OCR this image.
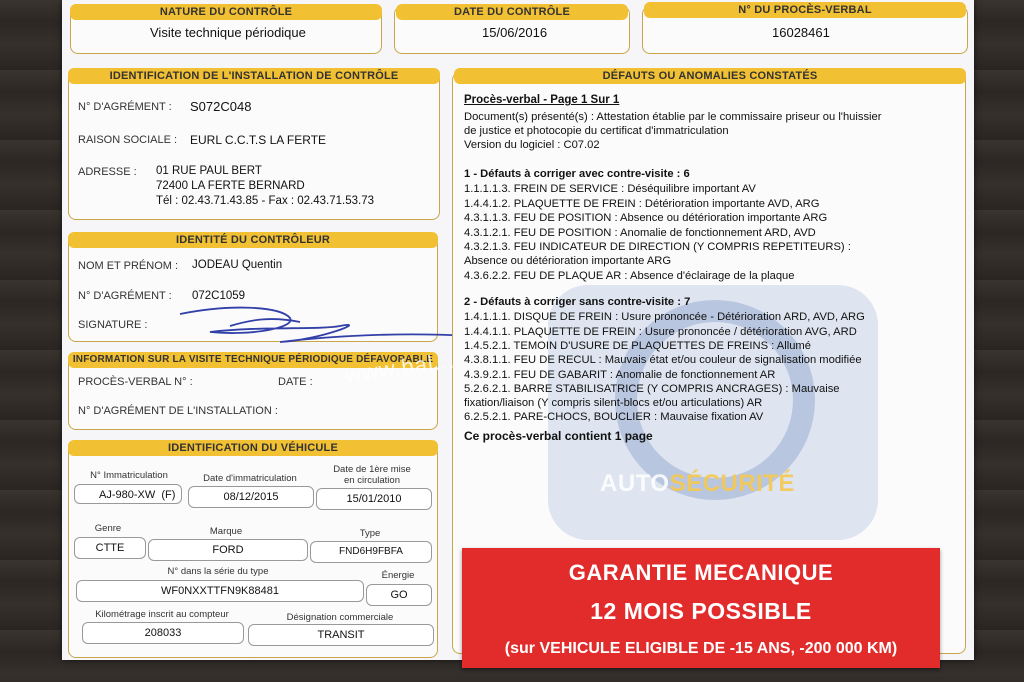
NATURE DU CONTRÔLE
Visite technique périodique
DATE DU CONTRÔLE
15/06/2016
N° DU PROCÈS-VERBAL
16028461
IDENTIFICATION DE L'INSTALLATION DE CONTRÔLE
N° D'AGRÉMENT : S072C048
RAISON SOCIALE : EURL C.C.T.S LA FERTE
ADRESSE : 01 RUE PAUL BERT
72400 LA FERTE BERNARD
Tél : 02.43.71.43.85 - Fax : 02.43.71.53.73
IDENTITÉ DU CONTRÔLEUR
NOM ET PRÉNOM : JODEAU Quentin
N° D'AGRÉMENT : 072C1059
SIGNATURE :
INFORMATION SUR LA VISITE TECHNIQUE PÉRIODIQUE DÉFAVORABLE
PROCÈS-VERBAL N° :	DATE :
N° D'AGRÉMENT DE L'INSTALLATION :
IDENTIFICATION DU VÉHICULE
N° Immatriculation
AJ-980-XW (F)
Date d'immatriculation
08/12/2015
Date de 1ère mise
en circulation
15/01/2010
Genre
CTTE
Marque
FORD
Type
FND6H9FBFA
N° dans la série du type
WF0NXXTTFN9K88481
Énergie
GO
Kilométrage inscrit au compteur
208033
Désignation commerciale
TRANSIT
DÉFAUTS OU ANOMALIES CONSTATÉS
AUTOSÉCURITÉ
Procès-verbal - Page 1 Sur 1
Document(s) présenté(s) : Attestation établie par le commissaire priseur ou l'huissier
de justice et photocopie du certificat d'immatriculation
Version du logiciel : C07.02
1 - Défauts à corriger avec contre-visite : 6
1.1.1.1.3. FREIN DE SERVICE : Déséquilibre important AV
1.4.4.1.2. PLAQUETTE DE FREIN : Détérioration importante AVD, ARG
4.3.1.1.3. FEU DE POSITION : Absence ou détérioration importante ARG
4.3.1.2.1. FEU DE POSITION : Anomalie de fonctionnement ARD, AVD
4.3.2.1.3. FEU INDICATEUR DE DIRECTION (Y COMPRIS REPETITEURS) :
Absence ou détérioration importante ARG
4.3.6.2.2. FEU DE PLAQUE AR : Absence d'éclairage de la plaque
2 - Défauts à corriger sans contre-visite : 7
1.4.1.1.1. DISQUE DE FREIN : Usure prononcée - Détérioration ARD, AVD, ARG
1.4.4.1.1. PLAQUETTE DE FREIN : Usure prononcée / détérioration AVG, ARD
1.4.5.2.1. TEMOIN D'USURE DE PLAQUETTES DE FREINS : Allumé
4.3.8.1.1. FEU DE RECUL : Mauvais état et/ou couleur de signalisation modifiée
4.3.9.2.1. FEU DE GABARIT : Anomalie de fonctionnement AR
5.2.6.2.1. BARRE STABILISATRICE (Y COMPRIS ANCRAGES) : Mauvaise
fixation/liaison (Y compris silent-blocs et/ou articulations) AR
6.2.5.2.1. PARE-CHOCS, BOUCLIER : Mauvaise fixation AV
Ce procès-verbal contient 1 page
www.bal...
GARANTIE MECANIQUE
12 MOIS POSSIBLE
(sur VEHICULE ELIGIBLE DE -15 ANS, -200 000 KM)
